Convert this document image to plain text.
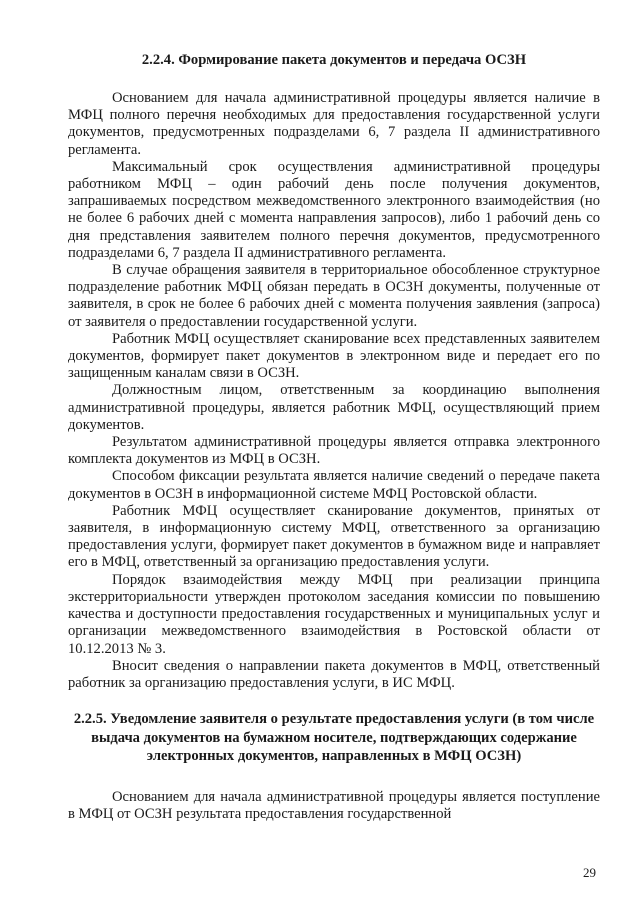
2.2.4. Формирование пакета документов и передача ОСЗН

Основанием для начала административной процедуры является наличие в МФЦ полного перечня необходимых для предоставления государственной услуги документов, предусмотренных подразделами 6, 7 раздела II административного регламента.

Максимальный срок осуществления административной процедуры работником МФЦ – один рабочий день после получения документов, запрашиваемых посредством межведомственного электронного взаимодействия (но не более 6 рабочих дней с момента направления запросов), либо 1 рабочий день со дня представления заявителем полного перечня документов, предусмотренного подразделами 6, 7 раздела II административного регламента.

В случае обращения заявителя в территориальное обособленное структурное подразделение работник МФЦ обязан передать в ОСЗН документы, полученные от заявителя, в срок не более 6 рабочих дней с момента получения заявления (запроса) от заявителя о предоставлении государственной услуги.

Работник МФЦ осуществляет сканирование всех представленных заявителем документов, формирует пакет документов в электронном виде и передает его по защищенным каналам связи в ОСЗН.

Должностным лицом, ответственным за координацию выполнения административной процедуры, является работник МФЦ, осуществляющий прием документов.

Результатом административной процедуры является отправка электронного комплекта документов из МФЦ в ОСЗН.

Способом фиксации результата является наличие сведений о передаче пакета документов в ОСЗН в информационной системе МФЦ Ростовской области.

Работник МФЦ осуществляет сканирование документов, принятых от заявителя, в информационную систему МФЦ, ответственного за организацию предоставления услуги, формирует пакет документов в бумажном виде и направляет его в МФЦ, ответственный за организацию предоставления услуги.

Порядок взаимодействия между МФЦ при реализации принципа экстерриториальности утвержден протоколом заседания комиссии по повышению качества и доступности предоставления государственных и муниципальных услуг и организации межведомственного взаимодействия в Ростовской области от 10.12.2013 № 3.

Вносит сведения о направлении пакета документов в МФЦ, ответственный работник за организацию предоставления услуги, в ИС МФЦ.

2.2.5. Уведомление заявителя о результате предоставления услуги (в том числе выдача документов на бумажном носителе, подтверждающих содержание электронных документов, направленных в МФЦ ОСЗН)

Основанием для начала административной процедуры является поступление в МФЦ от ОСЗН результата предоставления государственной

29
